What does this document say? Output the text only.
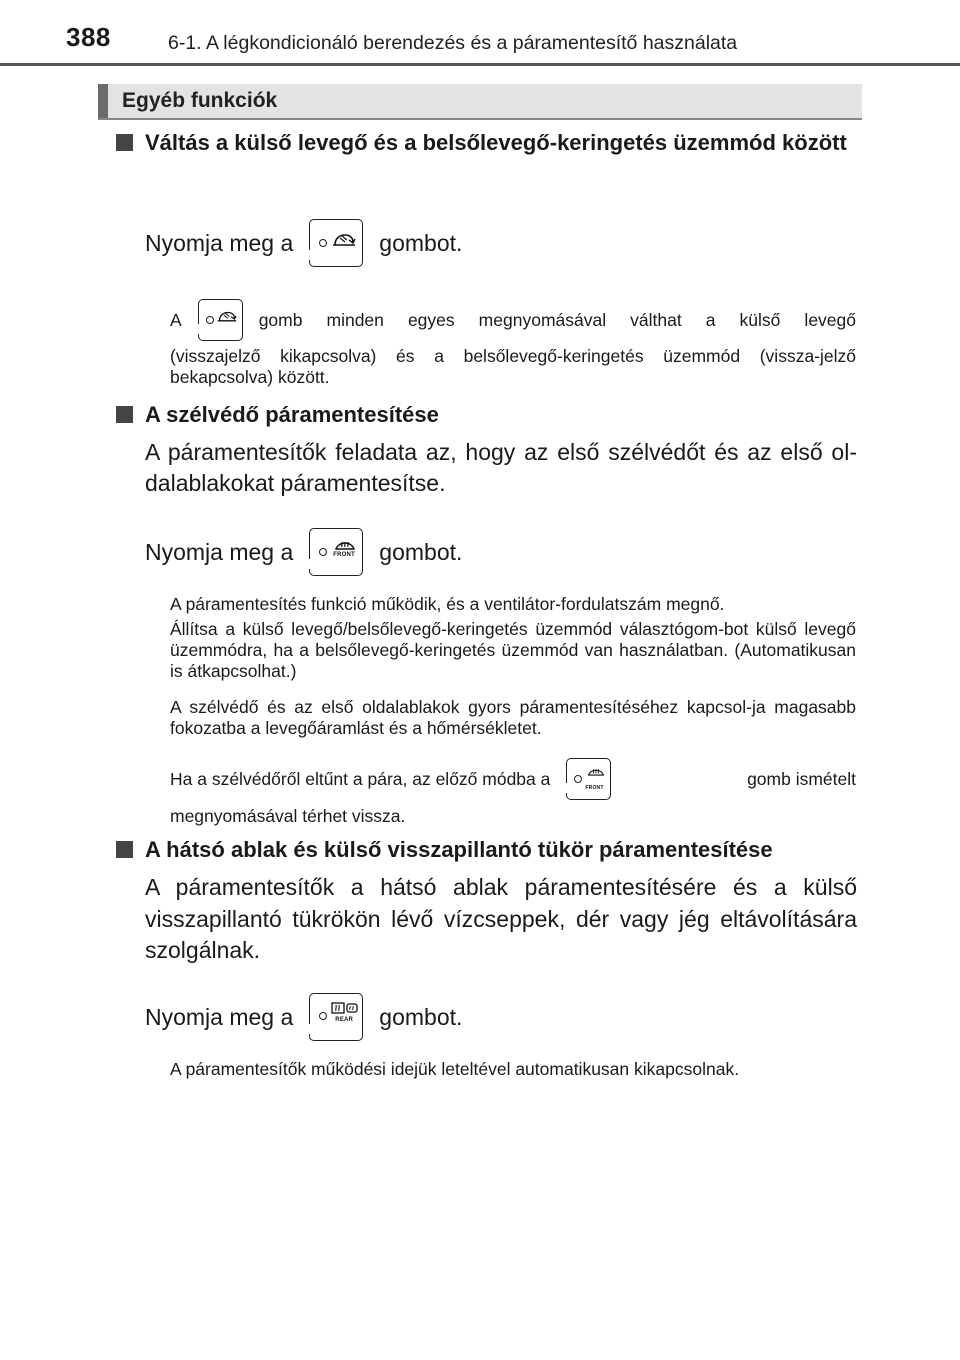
388	6-1. A légkondicionáló berendezés és a páramentesítő használata
Egyéb funkciók
Váltás a külső levegő és a belsőlevegő-keringetés üzemmód között
Nyomja meg a	gombot.
A	gomb minden egyes megnyomásával válthat a külső levegő
(visszajelző kikapcsolva) és a belsőlevegő-keringetés üzemmód (vissza-jelző bekapcsolva) között.
A szélvédő páramentesítése
A páramentesítők feladata az, hogy az első szélvédőt és az első ol-dalablakokat páramentesítse.
Nyomja meg a	FRONT gombot.
A páramentesítés funkció működik, és a ventilátor-fordulatszám megnő.
Állítsa a külső levegő/belsőlevegő-keringetés üzemmód választógom-bot külső levegő üzemmódra, ha a belsőlevegő-keringetés üzemmód van használatban. (Automatikusan is átkapcsolhat.)
A szélvédő és az első oldalablakok gyors páramentesítéséhez kapcsol-ja magasabb fokozatba a levegőáramlást és a hőmérsékletet.
Ha a szélvédőről eltűnt a pára, az előző módba a	FRONT	gomb ismételt
megnyomásával térhet vissza.
A hátsó ablak és külső visszapillantó tükör páramentesítése
A páramentesítők a hátsó ablak páramentesítésére és a külső visszapillantó tükrökön lévő vízcseppek, dér vagy jég eltávolítására szolgálnak.
Nyomja meg a	REAR gombot.
A páramentesítők működési idejük leteltével automatikusan kikapcsolnak.
